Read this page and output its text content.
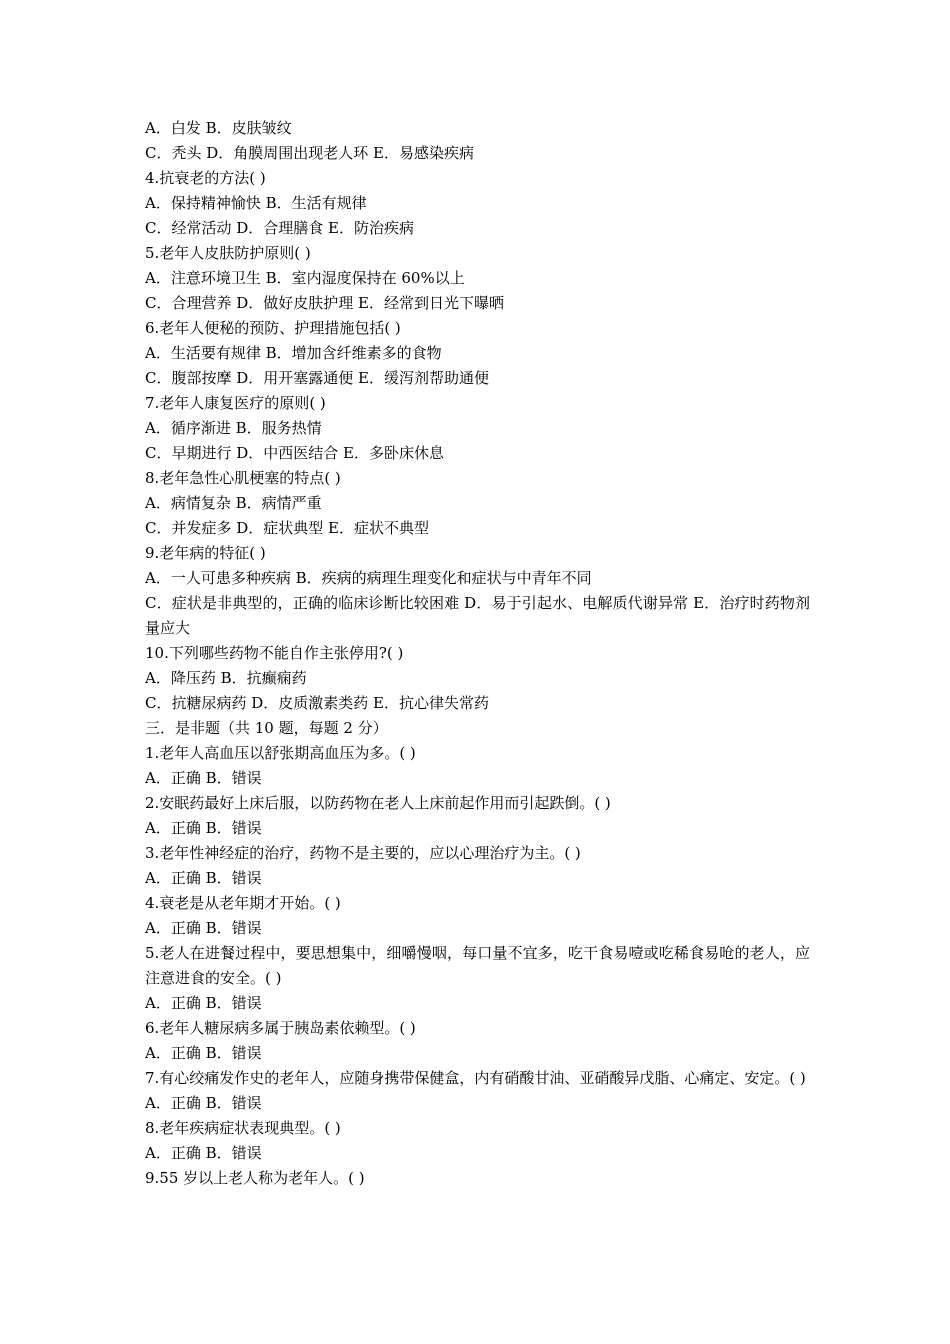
A．白发 B．皮肤皱纹
C．秃头 D．角膜周围出现老人环 E．易感染疾病
4.抗衰老的方法( )
A．保持精神愉快 B．生活有规律
C．经常活动 D．合理膳食 E．防治疾病
5.老年人皮肤防护原则( )
A．注意环境卫生 B．室内湿度保持在 60%以上
C．合理营养 D．做好皮肤护理 E．经常到日光下曝晒
6.老年人便秘的预防、护理措施包括( )
A．生活要有规律 B．增加含纤维素多的食物
C．腹部按摩 D．用开塞露通便 E．缓泻剂帮助通便
7.老年人康复医疗的原则( )
A．循序渐进 B．服务热情
C．早期进行 D．中西医结合 E．多卧床休息
8.老年急性心肌梗塞的特点( )
A．病情复杂 B．病情严重
C．并发症多 D．症状典型 E．症状不典型
9.老年病的特征( )
A．一人可患多种疾病 B．疾病的病理生理变化和症状与中青年不同
C．症状是非典型的，正确的临床诊断比较困难 D．易于引起水、电解质代谢异常 E．治疗时药物剂量应大
10.下列哪些药物不能自作主张停用?( )
A．降压药 B．抗癫痫药
C．抗糖尿病药 D．皮质激素类药 E．抗心律失常药
三．是非题（共 10 题，每题 2 分）
1.老年人高血压以舒张期高血压为多。( )
A．正确 B．错误
2.安眠药最好上床后服，以防药物在老人上床前起作用而引起跌倒。( )
A．正确 B．错误
3.老年性神经症的治疗，药物不是主要的，应以心理治疗为主。( )
A．正确 B．错误
4.衰老是从老年期才开始。( )
A．正确 B．错误
5.老人在进餐过程中，要思想集中，细嚼慢咽，每口量不宜多，吃干食易噎或吃稀食易呛的老人，应注意进食的安全。( )
A．正确 B．错误
6.老年人糖尿病多属于胰岛素依赖型。( )
A．正确 B．错误
7.有心绞痛发作史的老年人，应随身携带保健盒，内有硝酸甘油、亚硝酸异戊脂、心痛定、安定。( )
A．正确 B．错误
8.老年疾病症状表现典型。( )
A．正确 B．错误
9.55 岁以上老人称为老年人。( )
